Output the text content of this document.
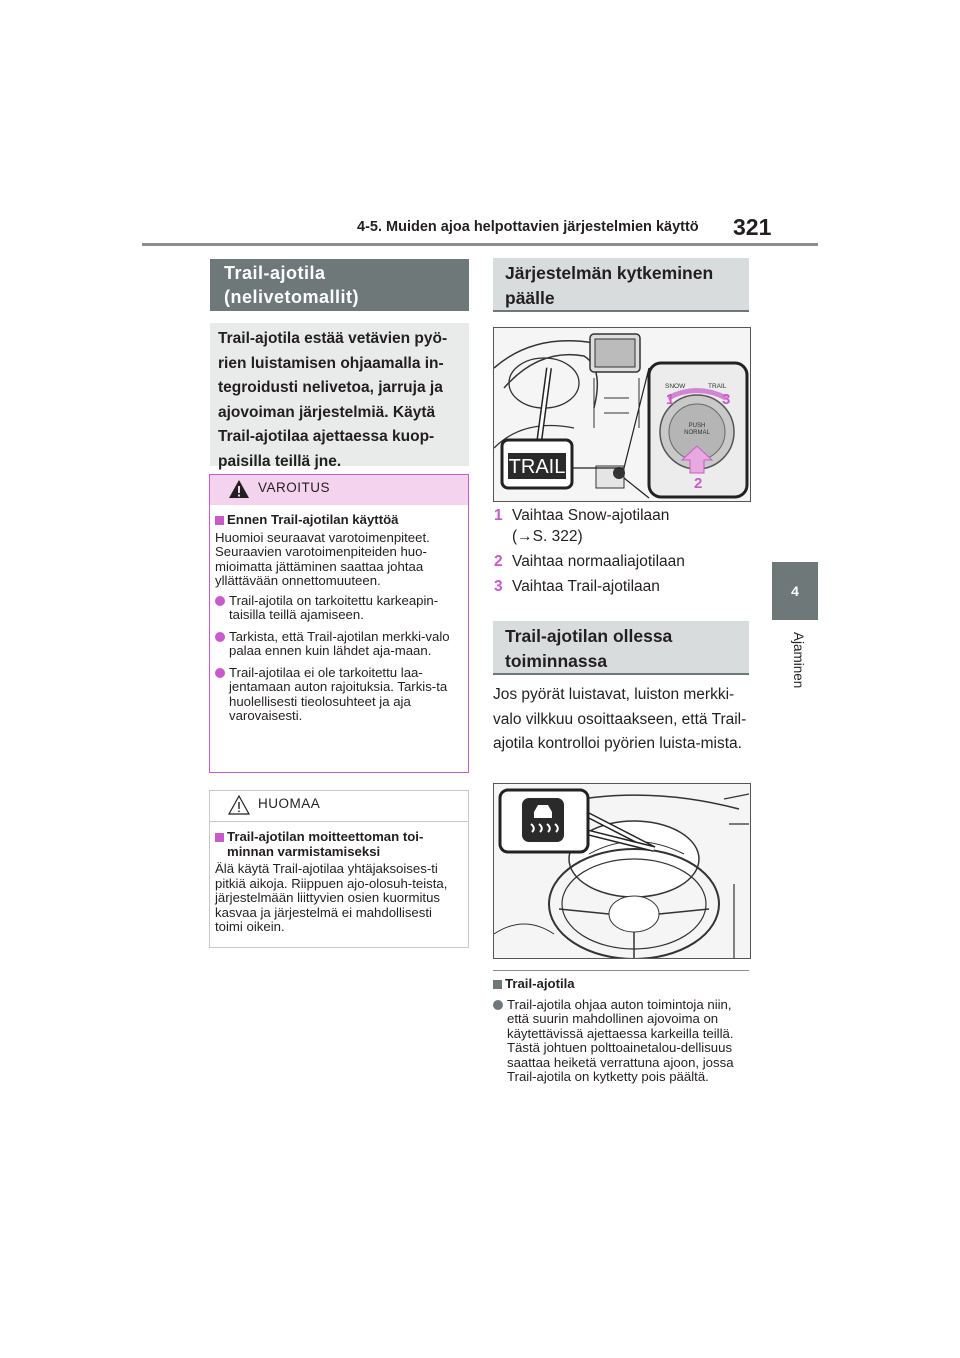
4-5. Muiden ajoa helpottavien järjestelmien käyttö 321
4
Ajaminen
Trail-ajotila
(nelivetomallit)
Trail-ajotila estää vetävien pyö-rien luistamisen ohjaamalla in-tegroidusti nelivetoa, jarruja ja ajovoiman järjestelmiä. Käytä Trail-ajotilaa ajettaessa kuop-paisilla teillä jne.
VAROITUS
Ennen Trail-ajotilan käyttöä
Huomioi seuraavat varotoimenpiteet. Seuraavien varotoimenpiteiden huo-mioimatta jättäminen saattaa johtaa yllättävään onnettomuuteen.
Trail-ajotila on tarkoitettu karkeapin-taisilla teillä ajamiseen.
Tarkista, että Trail-ajotilan merkki-valo palaa ennen kuin lähdet aja-maan.
Trail-ajotilaa ei ole tarkoitettu laa-jentamaan auton rajoituksia. Tarkis-ta huolellisesti tieolosuhteet ja aja varovaisesti.
HUOMAA
Trail-ajotilan moitteettoman toi-minnan varmistamiseksi
Älä käytä Trail-ajotilaa yhtäjaksoises-ti pitkiä aikoja. Riippuen ajo-olosuh-teista, järjestelmään liittyvien osien kuormitus kasvaa ja järjestelmä ei mahdollisesti toimi oikein.
Järjestelmän kytkeminen
päälle
TRAIL
SNOW	TRAIL
PUSH
NORMAL
1
2
3
1 Vaihtaa Snow-ajotilaan
(→S. 322)
2 Vaihtaa normaaliajotilaan
3 Vaihtaa Trail-ajotilaan
Trail-ajotilan ollessa
toiminnassa
Jos pyörät luistavat, luiston merkki-valo vilkkuu osoittaakseen, että Trail-ajotila kontrolloi pyörien luista-mista.
Trail-ajotila
Trail-ajotila ohjaa auton toimintoja niin, että suurin mahdollinen ajovoima on käytettävissä ajettaessa karkeilla teillä. Tästä johtuen polttoainetalou-dellisuus saattaa heiketä verrattuna ajoon, jossa Trail-ajotila on kytketty pois päältä.
